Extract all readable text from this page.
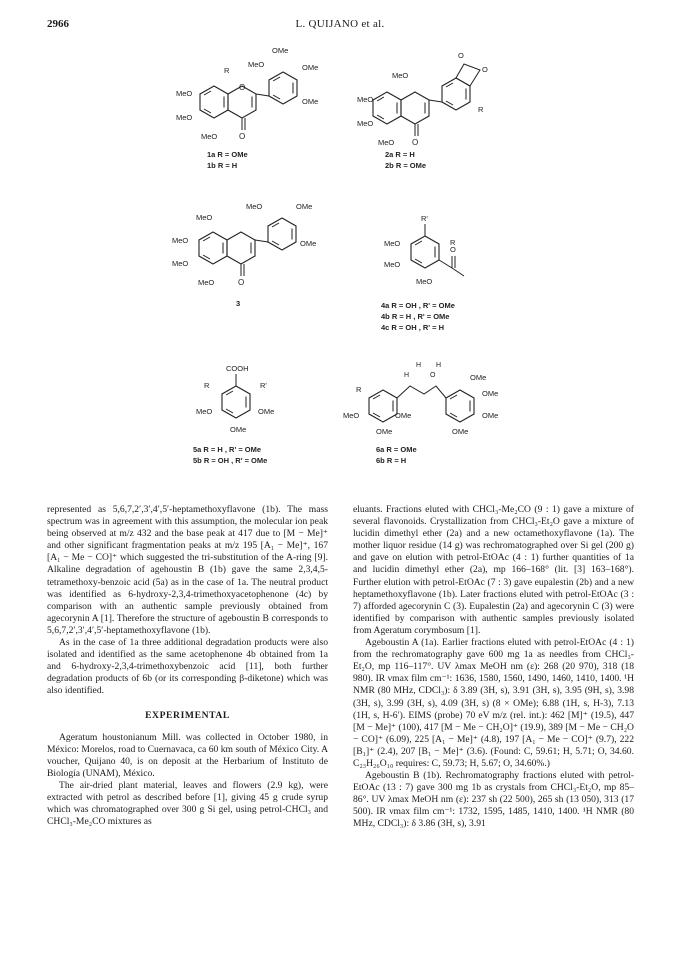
2966	L. QUIJANO et al.
O
O
OMe
MeO	OMe
OMe
R
MeO
MeO
MeO
1a R = OMe
1b R = H
O
O
O
R
MeO
MeO
MeO
MeO
2a R = H
2b R = OMe
O
MeO	OMe
OMe
MeO
MeO
MeO
MeO
3
O
R'
R
MeO
MeO
MeO
4a R = OH , R' = OMe
4b R = H , R' = OMe
4c R = OH , R' = H
COOH
R	R'
MeO	OMe
OMe
5a R = H , R' = OMe
5b R = OH , R' = OMe
H
H
O
H
R
MeO	OMe
OMe
OMe
OMe
OMe
OMe
6a R = OMe
6b R = H

represented as 5,6,7,2′,3′,4′,5′-heptamethoxyflavone (1b). The mass spectrum was in agreement with this assumption, the molecular ion peak being observed at m/z 432 and the base peak at 417 due to [M − Me]⁺ and other significant fragmentation peaks at m/z 195 [A₁ − Me]⁺, 167 [A₁ − Me − CO]⁺ which suggested the tri-substitution of the A-ring [9]. Alkaline degradation of agehoustin B (1b) gave the same 2,3,4,5-tetramethoxy-benzoic acid (5a) as in the case of 1a. The neutral product was identified as 6-hydroxy-2,3,4-trimethoxyacetophenone (4c) by comparison with an authentic sample previously obtained from agecorynin A [1]. Therefore the structure of ageboustin B corresponds to 5,6,7,2′,3′,4′,5′-heptamethoxyflavone (1b).

As in the case of 1a three additional degradation products were also isolated and identified as the same acetophenone 4b obtained from 1a and 6-hydroxy-2,3,4-trimethoxybenzoic acid [11], both further degradation products of 6b (or its corresponding β-diketone) which was also identified.

EXPERIMENTAL

Ageratum houstonianum Mill. was collected in October 1980, in México: Morelos, road to Cuernavaca, ca 60 km south of México City. A voucher, Quijano 40, is on deposit at the Herbarium of Instituto de Biología (UNAM), México.

The air-dried plant material, leaves and flowers (2.9 kg), were extracted with petrol as described before [1], giving 45 g crude syrup which was chromatographed over 300 g Si gel, using petrol-CHCl₃ and CHCl₃-Me₂CO mixtures as

eluants. Fractions eluted with CHCl₃-Me₂CO (9 : 1) gave a mixture of several flavonoids. Crystallization from CHCl₃-Et₂O gave a mixture of lucidin dimethyl ether (2a) and a new octamethoxyflavone (1a). The mother liquor residue (14 g) was rechromatographed over Si gel (200 g) and gave on elution with petrol-EtOAc (4 : 1) further quantities of 1a and lucidin dimethyl ether (2a), mp 166–168° (lit. [3] 163–168°). Further elution with petrol-EtOAc (7 : 3) gave eupalestin (2b) and a new heptamethoxyflavone (1b). Later fractions eluted with petrol-EtOAc (3 : 7) afforded agecorynin C (3). Eupalestin (2a) and agecorynin C (3) were identified by comparison with authentic samples previously isolated from Ageratum corymbosum [1].

Ageboustin A (1a). Earlier fractions eluted with petrol-EtOAc (4 : 1) from the rechromatography gave 600 mg 1a as needles from CHCl₃-Et₂O, mp 116–117°. UV λmax MeOH nm (ε): 268 (20 970), 318 (18 980). IR νmax film cm⁻¹: 1636, 1580, 1560, 1490, 1460, 1410, 1400. ¹H NMR (80 MHz, CDCl₃): δ 3.89 (3H, s), 3.91 (3H, s), 3.95 (9H, s), 3.98 (3H, s), 3.99 (3H, s), 4.09 (3H, s) (8 × OMe); 6.88 (1H, s, H-3), 7.13 (1H, s, H-6′). EIMS (probe) 70 eV m/z (rel. int.): 462 [M]⁺ (19.5), 447 [M − Me]⁺ (100), 417 [M − Me − CH₂O]⁺ (19.9), 389 [M − Me − CH₂O − CO]⁺ (6.09), 225 [A₁ − Me]⁺ (4.8), 197 [A₁ − Me − CO]⁺ (9.7), 222 [B₁]⁺ (2.4), 207 [B₁ − Me]⁺ (3.6). (Found: C, 59.61; H, 5.71; O, 34.60. C₂₃H₂₆O₁₀ requires: C, 59.73; H, 5.67; O, 34.60%.)

Ageboustin B (1b). Rechromatography fractions eluted with petrol-EtOAc (13 : 7) gave 300 mg 1b as crystals from CHCl₃-Et₂O, mp 85–86°. UV λmax MeOH nm (ε): 237 sh (22 500), 265 sh (13 050), 313 (17 500). IR νmax film cm⁻¹: 1732, 1595, 1485, 1410, 1400. ¹H NMR (80 MHz, CDCl₃): δ 3.86 (3H, s), 3.91
